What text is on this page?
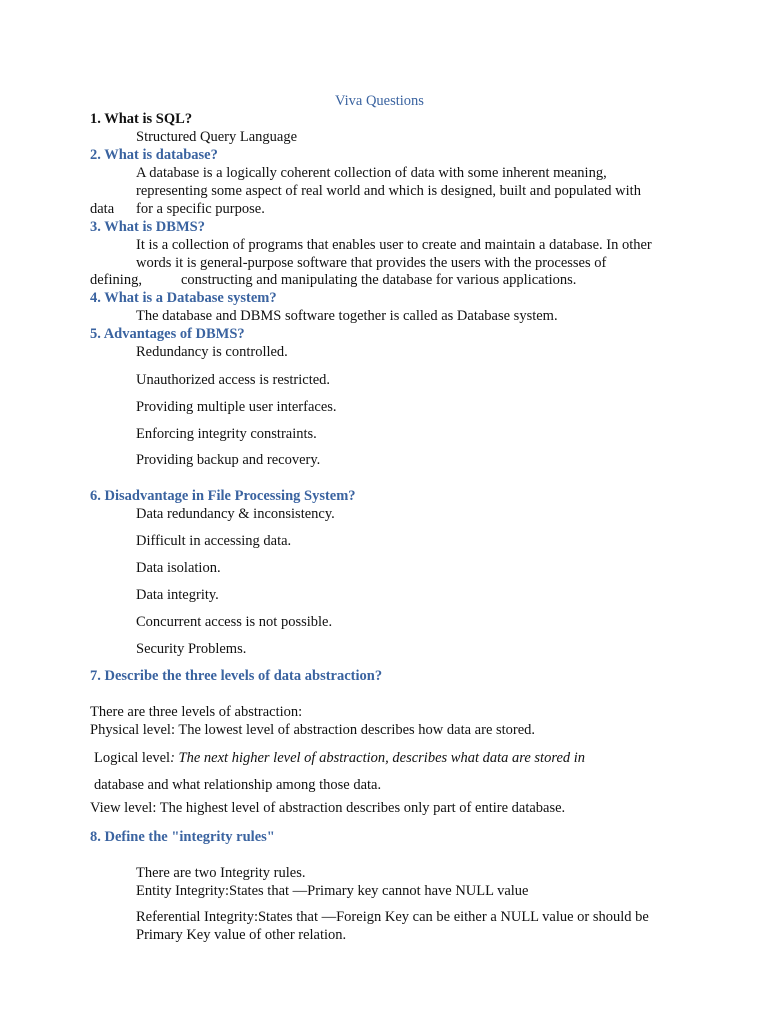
Viva Questions
1. What is SQL?
Structured Query Language
2. What is database?
A database is a logically coherent collection of data with some inherent meaning,
representing some aspect of real world and which is designed, built and populated with
data for a specific purpose.
3. What is DBMS?
It is a collection of programs that enables user to create and maintain a database. In other
words it is general-purpose software that provides the users with the processes of
defining,	constructing and manipulating the database for various applications.
4. What is a Database system?
The database and DBMS software together is called as Database system.
5. Advantages of DBMS?
Redundancy is controlled.
Unauthorized access is restricted.
Providing multiple user interfaces.
Enforcing integrity constraints.
Providing backup and recovery.
6. Disadvantage in File Processing System?
Data redundancy & inconsistency.
Difficult in accessing data.
Data isolation.
Data integrity.
Concurrent access is not possible.
Security Problems.
7. Describe the three levels of data abstraction?
There are three levels of abstraction:
Physical level: The lowest level of abstraction describes how data are stored.
Logical level: The next higher level of abstraction, describes what data are stored in
database and what relationship among those data.
View level: The highest level of abstraction describes only part of entire database.
8. Define the "integrity rules"
There are two Integrity rules.
Entity Integrity:States that —Primary key cannot have NULL value
Referential Integrity:States that —Foreign Key can be either a NULL value or should be
Primary Key value of other relation.
